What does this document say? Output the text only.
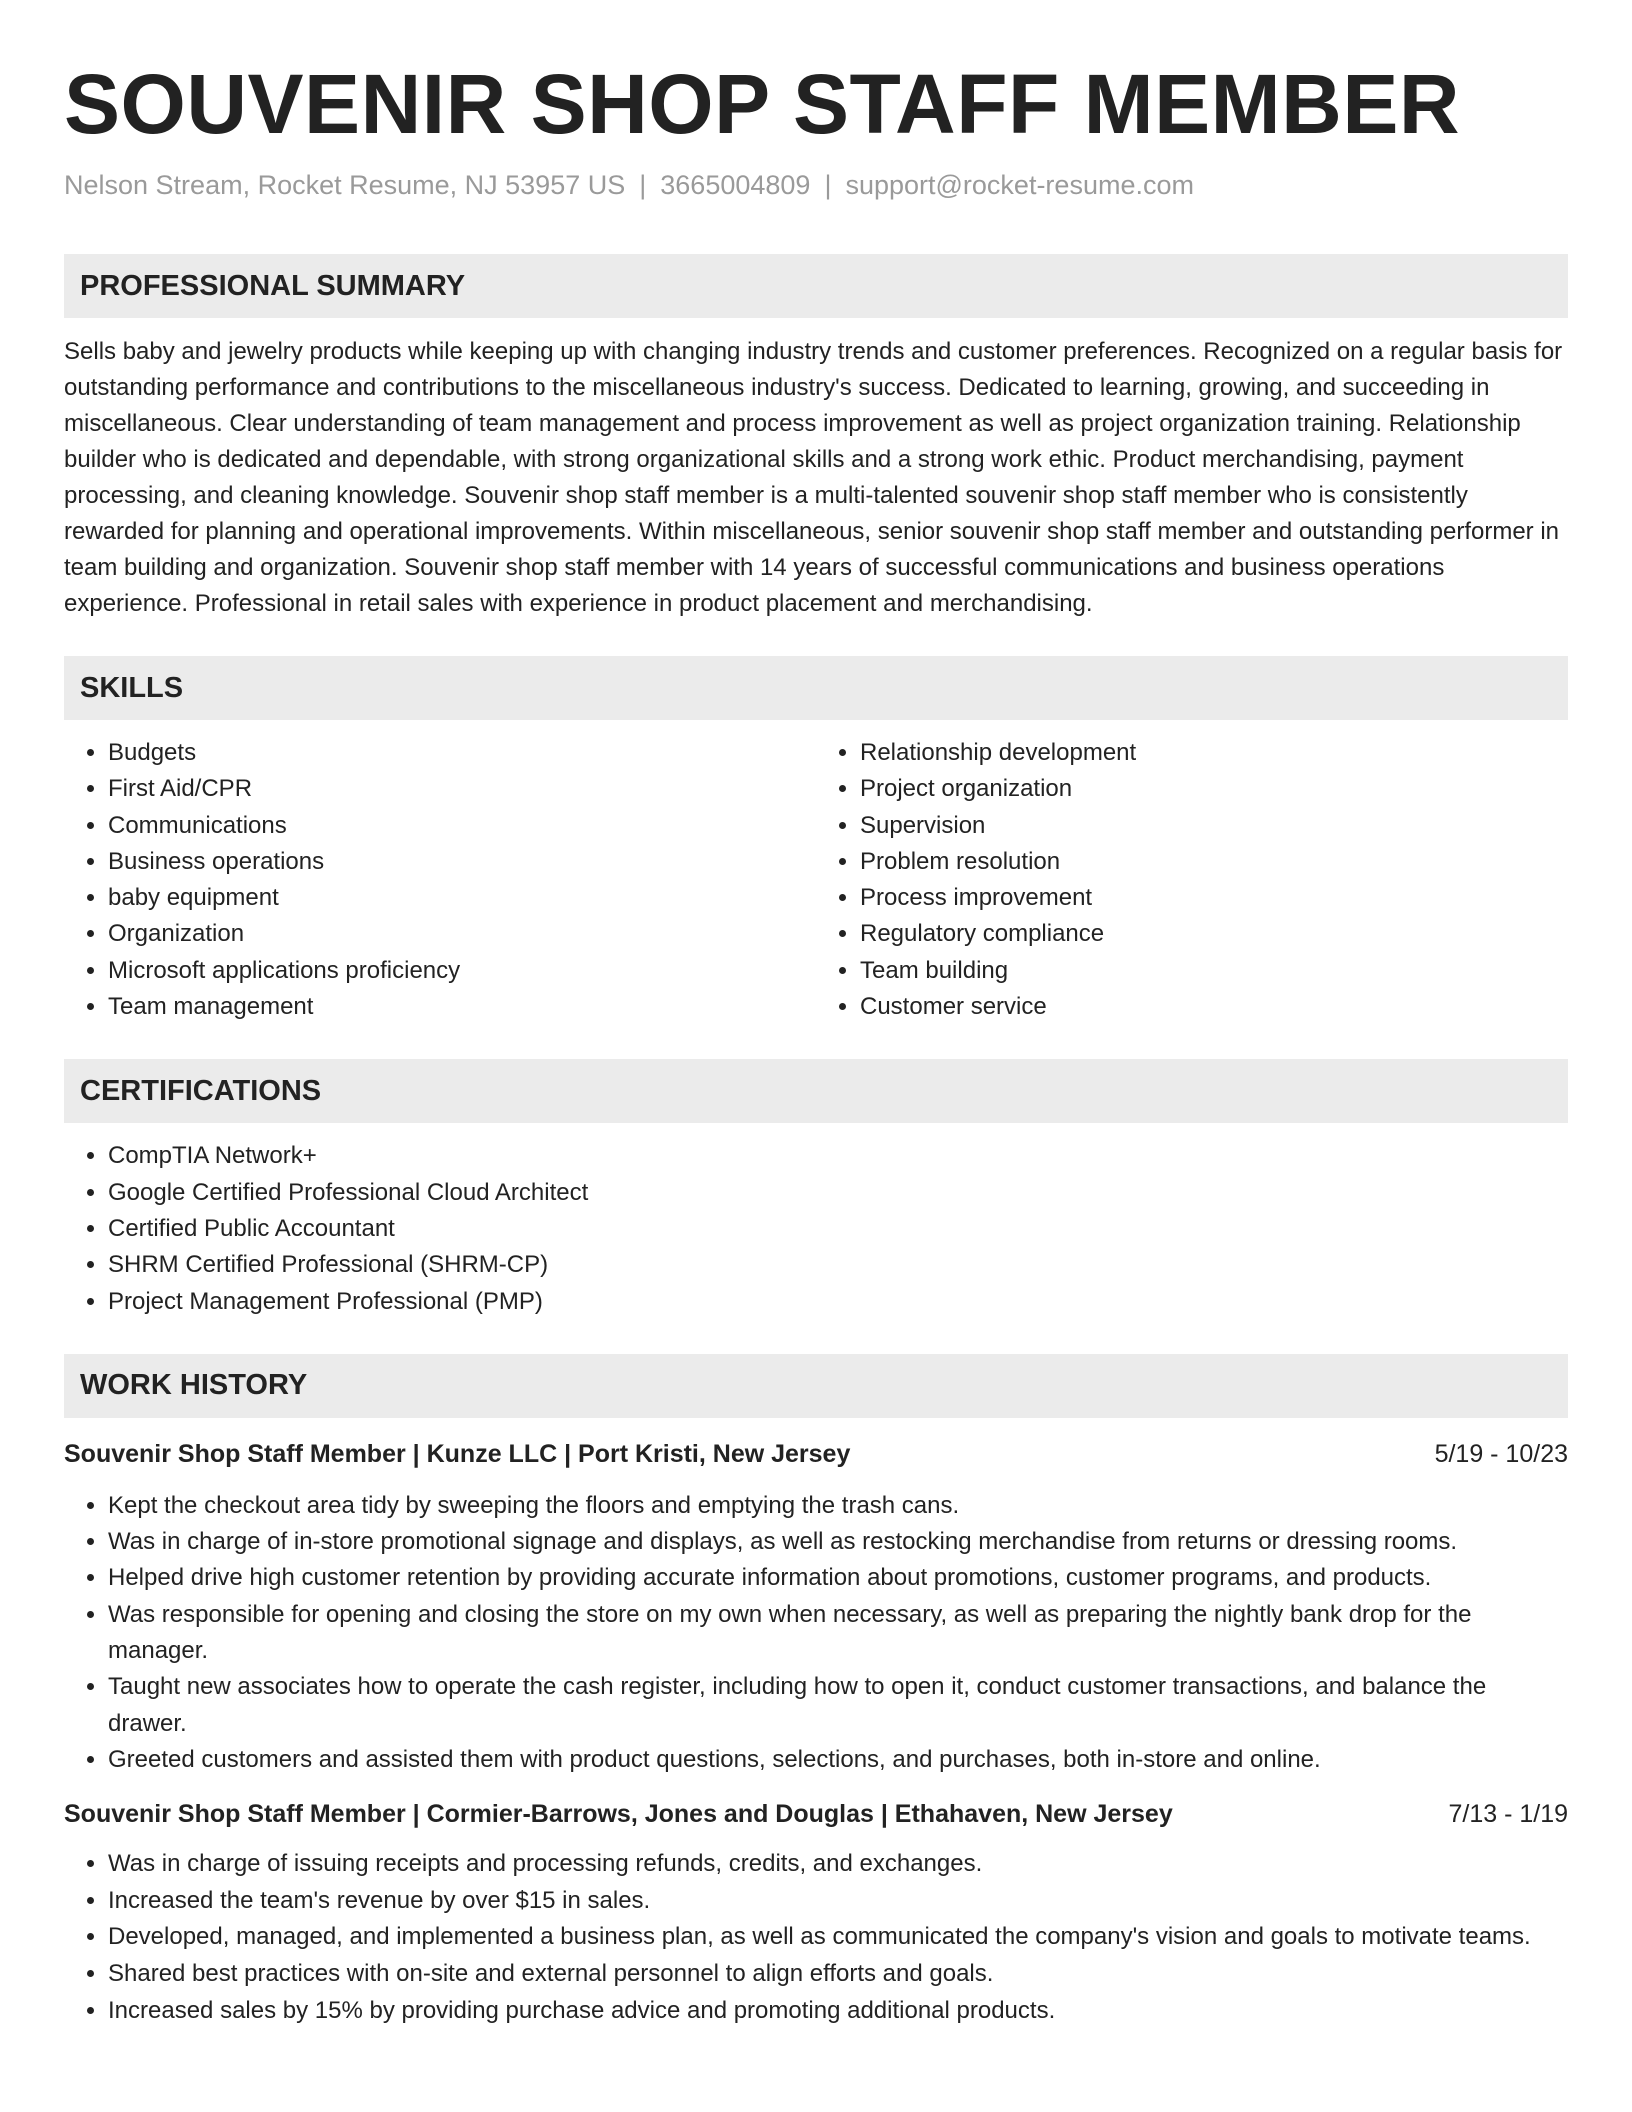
SOUVENIR SHOP STAFF MEMBER
Nelson Stream, Rocket Resume, NJ 53957 US | 3665004809 | support@rocket-resume.com
PROFESSIONAL SUMMARY
Sells baby and jewelry products while keeping up with changing industry trends and customer preferences. Recognized on a regular basis for outstanding performance and contributions to the miscellaneous industry's success. Dedicated to learning, growing, and succeeding in miscellaneous. Clear understanding of team management and process improvement as well as project organization training. Relationship builder who is dedicated and dependable, with strong organizational skills and a strong work ethic. Product merchandising, payment processing, and cleaning knowledge. Souvenir shop staff member is a multi-talented souvenir shop staff member who is consistently rewarded for planning and operational improvements. Within miscellaneous, senior souvenir shop staff member and outstanding performer in team building and organization. Souvenir shop staff member with 14 years of successful communications and business operations experience. Professional in retail sales with experience in product placement and merchandising.
SKILLS
• Budgets
• First Aid/CPR
• Communications
• Business operations
• baby equipment
• Organization
• Microsoft applications proficiency
• Team management
• Relationship development
• Project organization
• Supervision
• Problem resolution
• Process improvement
• Regulatory compliance
• Team building
• Customer service
CERTIFICATIONS
• CompTIA Network+
• Google Certified Professional Cloud Architect
• Certified Public Accountant
• SHRM Certified Professional (SHRM-CP)
• Project Management Professional (PMP)
WORK HISTORY
Souvenir Shop Staff Member | Kunze LLC | Port Kristi, New Jersey	5/19 - 10/23
• Kept the checkout area tidy by sweeping the floors and emptying the trash cans.
• Was in charge of in-store promotional signage and displays, as well as restocking merchandise from returns or dressing rooms.
• Helped drive high customer retention by providing accurate information about promotions, customer programs, and products.
• Was responsible for opening and closing the store on my own when necessary, as well as preparing the nightly bank drop for the manager.
• Taught new associates how to operate the cash register, including how to open it, conduct customer transactions, and balance the drawer.
• Greeted customers and assisted them with product questions, selections, and purchases, both in-store and online.
Souvenir Shop Staff Member | Cormier-Barrows, Jones and Douglas | Ethahaven, New Jersey	7/13 - 1/19
• Was in charge of issuing receipts and processing refunds, credits, and exchanges.
• Increased the team's revenue by over $15 in sales.
• Developed, managed, and implemented a business plan, as well as communicated the company's vision and goals to motivate teams.
• Shared best practices with on-site and external personnel to align efforts and goals.
• Increased sales by 15% by providing purchase advice and promoting additional products.
